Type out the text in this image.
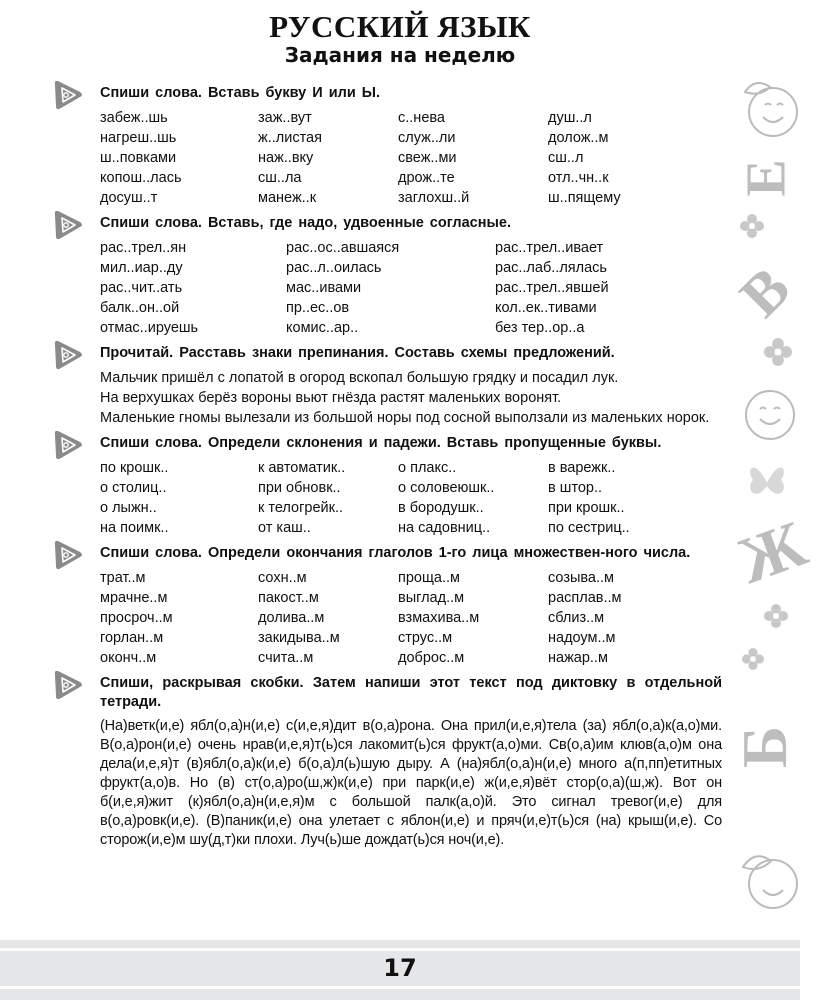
РУССКИЙ ЯЗЫК
Задания на неделю
Спиши слова. Вставь букву И или Ы.
забеж..шь	заж..вут	с..нева	душ..л
нагреш..шь	ж..листая	служ..ли	долож..м
ш..повками	наж..вку	свеж..ми	сш..л
копош..лась	сш..ла	дрож..те	отл..чн..к
досуш..т	манеж..к	заглохш..й	ш..пящему
Спиши слова. Вставь, где надо, удвоенные согласные.
рас..трел..ян	рас..ос..авшаяся	рас..трел..ивает
мил..иар..ду	рас..л..оилась	рас..лаб..лялась
рас..чит..ать	мас..ивами	рас..трел..явшей
балк..он..ой	пр..ес..ов	кол..ек..тивами
отмас..ируешь	комис..ар..	без тер..ор..а
Прочитай. Расставь знаки препинания. Составь схемы предложений.

Мальчик пришёл с лопатой в огород вскопал большую грядку и посадил лук.

На верхушках берёз вороны вьют гнёзда растят маленьких воронят.

Маленькие гномы вылезали из большой норы под сосной выползали из маленьких норок.

Спиши слова. Определи склонения и падежи. Вставь пропущенные буквы.
по крошк..	к автоматик..	о плакс..	в варежк..
о столиц..	при обновк..	о соловеюшк..	в штор..
о лыжн..	к телогрейк..	в бородушк..	при крошк..
на поимк..	от каш..	на садовниц..	по сестриц..
Спиши слова. Определи окончания глаголов 1-го лица множествен-ного числа.
трат..м	сохн..м	проща..м	созыва..м
мрачне..м	пакост..м	выглад..м	расплав..м
просроч..м	долива..м	взмахива..м	сблиз..м
горлан..м	закидыва..м	струс..м	надоум..м
оконч..м	счита..м	доброс..м	нажар..м
Спиши, раскрывая скобки. Затем напиши этот текст под диктовку в отдельной тетради.

(На)ветк(и,е) ябл(о,а)н(и,е) с(и,е,я)дит в(о,а)рона. Она прил(и,е,я)тела (за) ябл(о,а)к(а,о)ми. В(о,а)рон(и,е) очень нрав(и,е,я)т(ь)ся лакомит(ь)ся фрукт(а,о)ми. Св(о,а)им клюв(а,о)м она дела(и,е,я)т (в)ябл(о,а)к(и,е) б(о,а)л(ь)шую дыру. А (на)ябл(о,а)н(и,е) много а(п,пп)етитных фрукт(а,о)в. Но (в) ст(о,а)ро(ш,ж)к(и,е) при парк(и,е) ж(и,е,я)вёт стор(о,а)(ш,ж). Вот он б(и,е,я)жит (к)ябл(о,а)н(и,е,я)м с большой палк(а,о)й. Это сигнал тревог(и,е) для в(о,а)ровк(и,е). (В)паник(и,е) она улетает с яблон(и,е) и пряч(и,е)т(ь)ся (на) крыш(и,е). Со сторож(и,е)м шу(д,т)ки плохи. Луч(ь)ше дождат(ь)ся ноч(и,е).

Е
В
Ж
Б
17
